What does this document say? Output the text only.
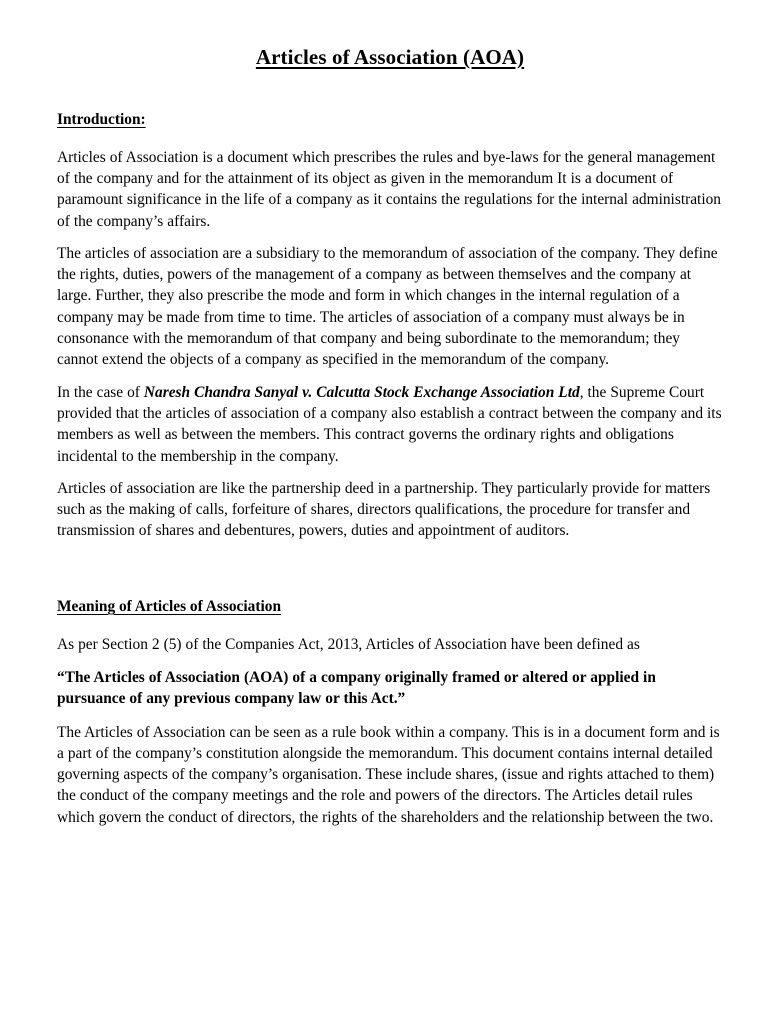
Articles of Association (AOA)
Introduction:

Articles of Association is a document which prescribes the rules and bye-laws for the general management of the company and for the attainment of its object as given in the memorandum It is a document of paramount significance in the life of a company as it contains the regulations for the internal administration of the company’s affairs.

The articles of association are a subsidiary to the memorandum of association of the company. They define the rights, duties, powers of the management of a company as between themselves and the company at large. Further, they also prescribe the mode and form in which changes in the internal regulation of a company may be made from time to time. The articles of association of a company must always be in consonance with the memorandum of that company and being subordinate to the memorandum; they cannot extend the objects of a company as specified in the memorandum of the company.

In the case of Naresh Chandra Sanyal v. Calcutta Stock Exchange Association Ltd, the Supreme Court provided that the articles of association of a company also establish a contract between the company and its members as well as between the members. This contract governs the ordinary rights and obligations incidental to the membership in the company.

Articles of association are like the partnership deed in a partnership. They particularly provide for matters such as the making of calls, forfeiture of shares, directors qualifications, the procedure for transfer and transmission of shares and debentures, powers, duties and appointment of auditors.

Meaning of Articles of Association

As per Section 2 (5) of the Companies Act, 2013, Articles of Association have been defined as

“The Articles of Association (AOA) of a company originally framed or altered or applied in pursuance of any previous company law or this Act.”

The Articles of Association can be seen as a rule book within a company. This is in a document form and is a part of the company’s constitution alongside the memorandum. This document contains internal detailed governing aspects of the company’s organisation. These include shares, (issue and rights attached to them) the conduct of the company meetings and the role and powers of the directors. The Articles detail rules which govern the conduct of directors, the rights of the shareholders and the relationship between the two.
